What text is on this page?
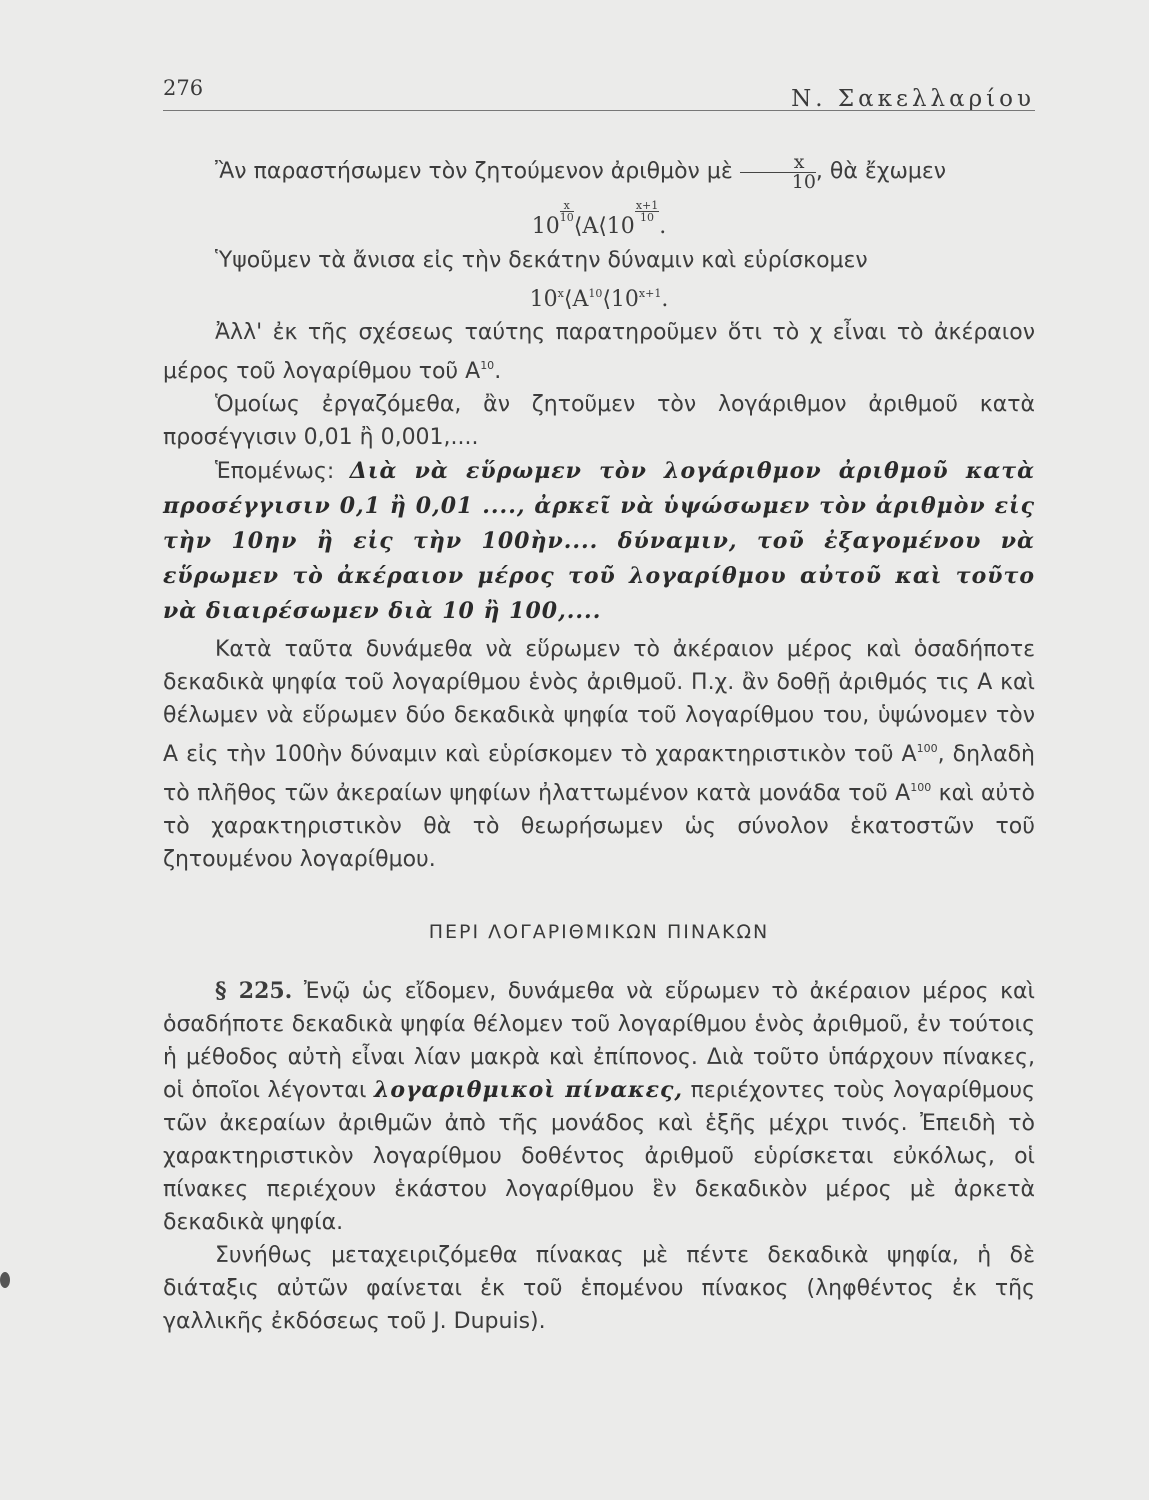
276	Ν. Σακελλαρίου

Ἂν παραστήσωμεν τὸν ζητούμενον ἀριθμὸν μὲ $\frac{x}{10}$ , θὰ ἔχωμεν

10
$\frac{x}{10}$
⟨A⟨10
$\frac{x+1}{10}$
.

Ὑψοῦμεν τὰ ἄνισα εἰς τὴν δεκάτην δύναμιν καὶ εὑρίσκομεν

$10^x⟨A^{10}⟨10^{x+1}$.

Ἀλλ' ἐκ τῆς σχέσεως ταύτης παρατηροῦμεν ὅτι τὸ χ εἶναι τὸ ἀκέραιον μέρος τοῦ λογαρίθμου τοῦ $A^{10}$.

Ὁμοίως ἐργαζόμεθα, ἂν ζητοῦμεν τὸν λογάριθμον ἀριθμοῦ κατὰ προσέγγισιν 0,01 ἢ 0,001,....

Ἑπομένως: Διὰ νὰ εὕρωμεν τὸν λογάριθμον ἀριθμοῦ κατὰ προσέγγισιν 0,1 ἢ 0,01 ...., ἀρκεῖ νὰ ὑψώσωμεν τὸν ἀριθμὸν εἰς τὴν 10ην ἢ εἰς τὴν 100ὴν.... δύναμιν, τοῦ ἐξαγομένου νὰ εὕρωμεν τὸ ἀκέραιον μέρος τοῦ λογαρίθμου αὐτοῦ καὶ τοῦτο νὰ διαιρέσωμεν διὰ 10 ἢ 100,....

Κατὰ ταῦτα δυνάμεθα νὰ εὕρωμεν τὸ ἀκέραιον μέρος καὶ ὁσαδήποτε δεκαδικὰ ψηφία τοῦ λογαρίθμου ἑνὸς ἀριθμοῦ. Π.χ. ἂν δοθῇ ἀριθμός τις A καὶ θέλωμεν νὰ εὕρωμεν δύο δεκαδικὰ ψηφία τοῦ λογαρίθμου του, ὑψώνομεν τὸν A εἰς τὴν 100ὴν δύναμιν καὶ εὑρίσκομεν τὸ χαρακτηριστικὸν τοῦ $A^{100}$, δηλαδὴ τὸ πλῆθος τῶν ἀκεραίων ψηφίων ἠλαττωμένον κατὰ μονάδα τοῦ $A^{100}$ καὶ αὐτὸ τὸ χαρακτηριστικὸν θὰ τὸ θεωρήσωμεν ὡς σύνολον ἑκατοστῶν τοῦ ζητουμένου λογαρίθμου.

ΠΕΡΙ ΛΟΓΑΡΙΘΜΙΚΩΝ ΠΙΝΑΚΩΝ

§ 225. Ἐνῷ ὡς εἴδομεν, δυνάμεθα νὰ εὕρωμεν τὸ ἀκέραιον μέρος καὶ ὁσαδήποτε δεκαδικὰ ψηφία θέλομεν τοῦ λογαρίθμου ἑνὸς ἀριθμοῦ, ἐν τούτοις ἡ μέθοδος αὐτὴ εἶναι λίαν μακρὰ καὶ ἐπίπονος. Διὰ τοῦτο ὑπάρχουν πίνακες, οἱ ὁποῖοι λέγονται λογαριθμικοὶ πίνακες, περιέχοντες τοὺς λογαρίθμους τῶν ἀκεραίων ἀριθμῶν ἀπὸ τῆς μονάδος καὶ ἑξῆς μέχρι τινός. Ἐπειδὴ τὸ χαρακτηριστικὸν λογαρίθμου δοθέντος ἀριθμοῦ εὑρίσκεται εὐκόλως, οἱ πίνακες περιέχουν ἑκάστου λογαρίθμου ἓν δεκαδικὸν μέρος μὲ ἀρκετὰ δεκαδικὰ ψηφία.

Συνήθως μεταχειριζόμεθα πίνακας μὲ πέντε δεκαδικὰ ψηφία, ἡ δὲ διάταξις αὐτῶν φαίνεται ἐκ τοῦ ἑπομένου πίνακος (ληφθέντος ἐκ τῆς γαλλικῆς ἐκδόσεως τοῦ J. Dupuis).
